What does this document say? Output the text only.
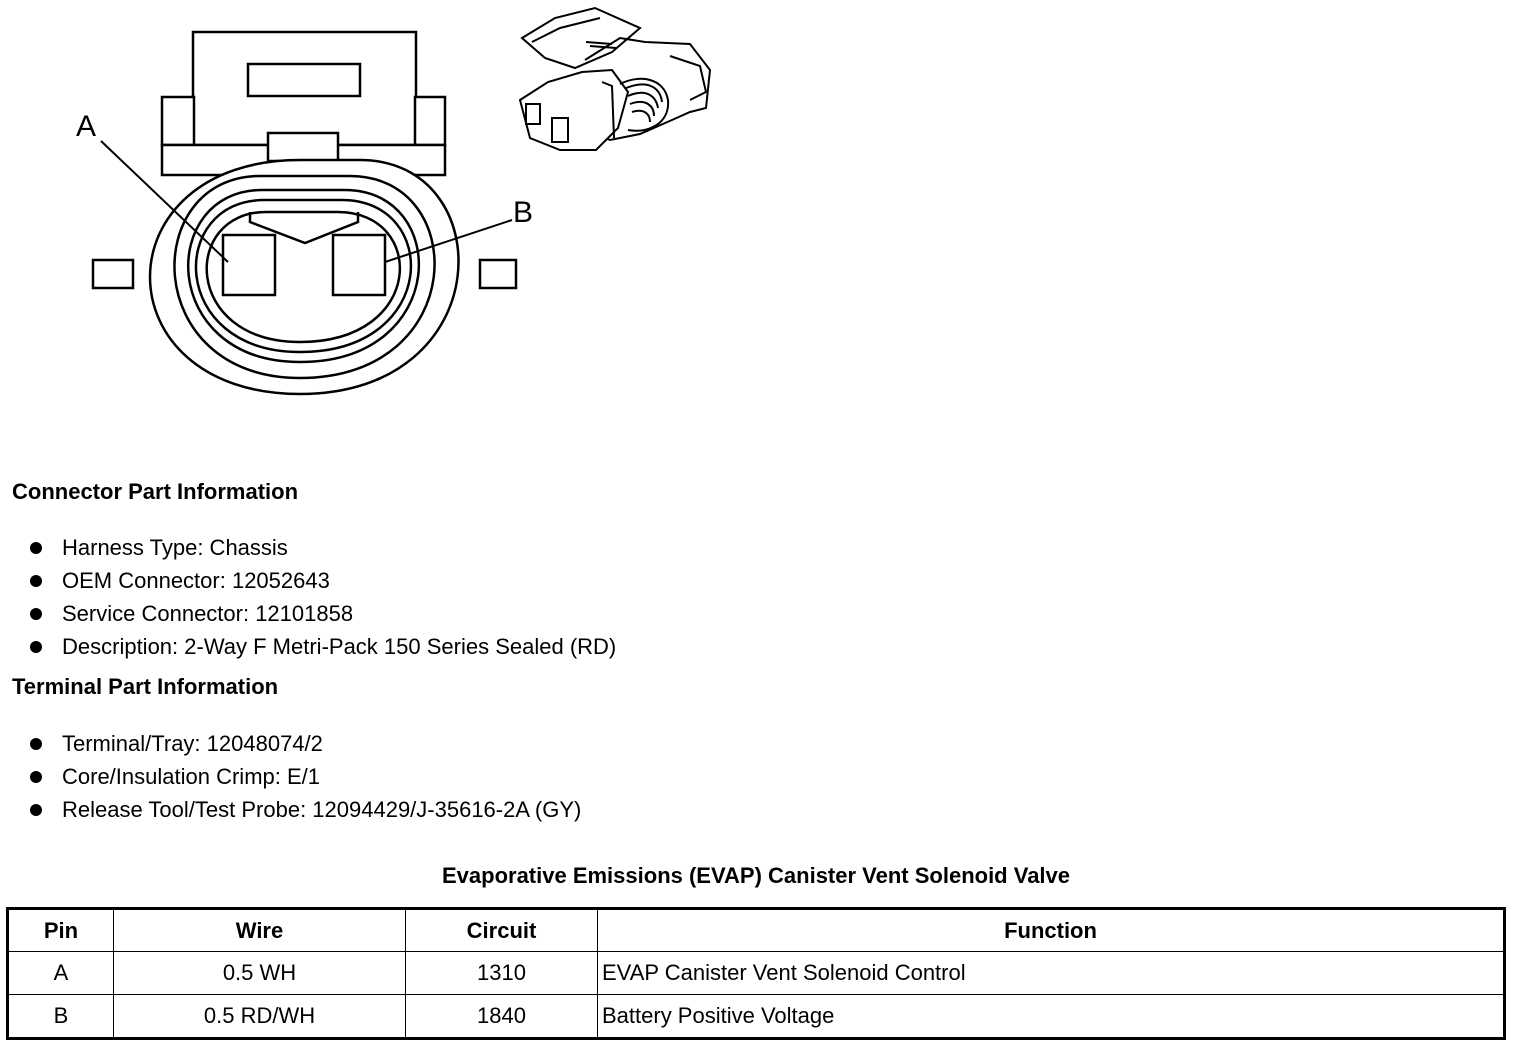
A
B
Connector Part Information
Harness Type: Chassis
OEM Connector: 12052643
Service Connector: 12101858
Description: 2-Way F Metri-Pack 150 Series Sealed (RD)
Terminal Part Information
Terminal/Tray: 12048074/2
Core/Insulation Crimp: E/1
Release Tool/Test Probe: 12094429/J-35616-2A (GY)
Evaporative Emissions (EVAP) Canister Vent Solenoid Valve
Pin	Wire	Circuit	Function
A	0.5 WH	1310	EVAP Canister Vent Solenoid Control
B	0.5 RD/WH	1840	Battery Positive Voltage
